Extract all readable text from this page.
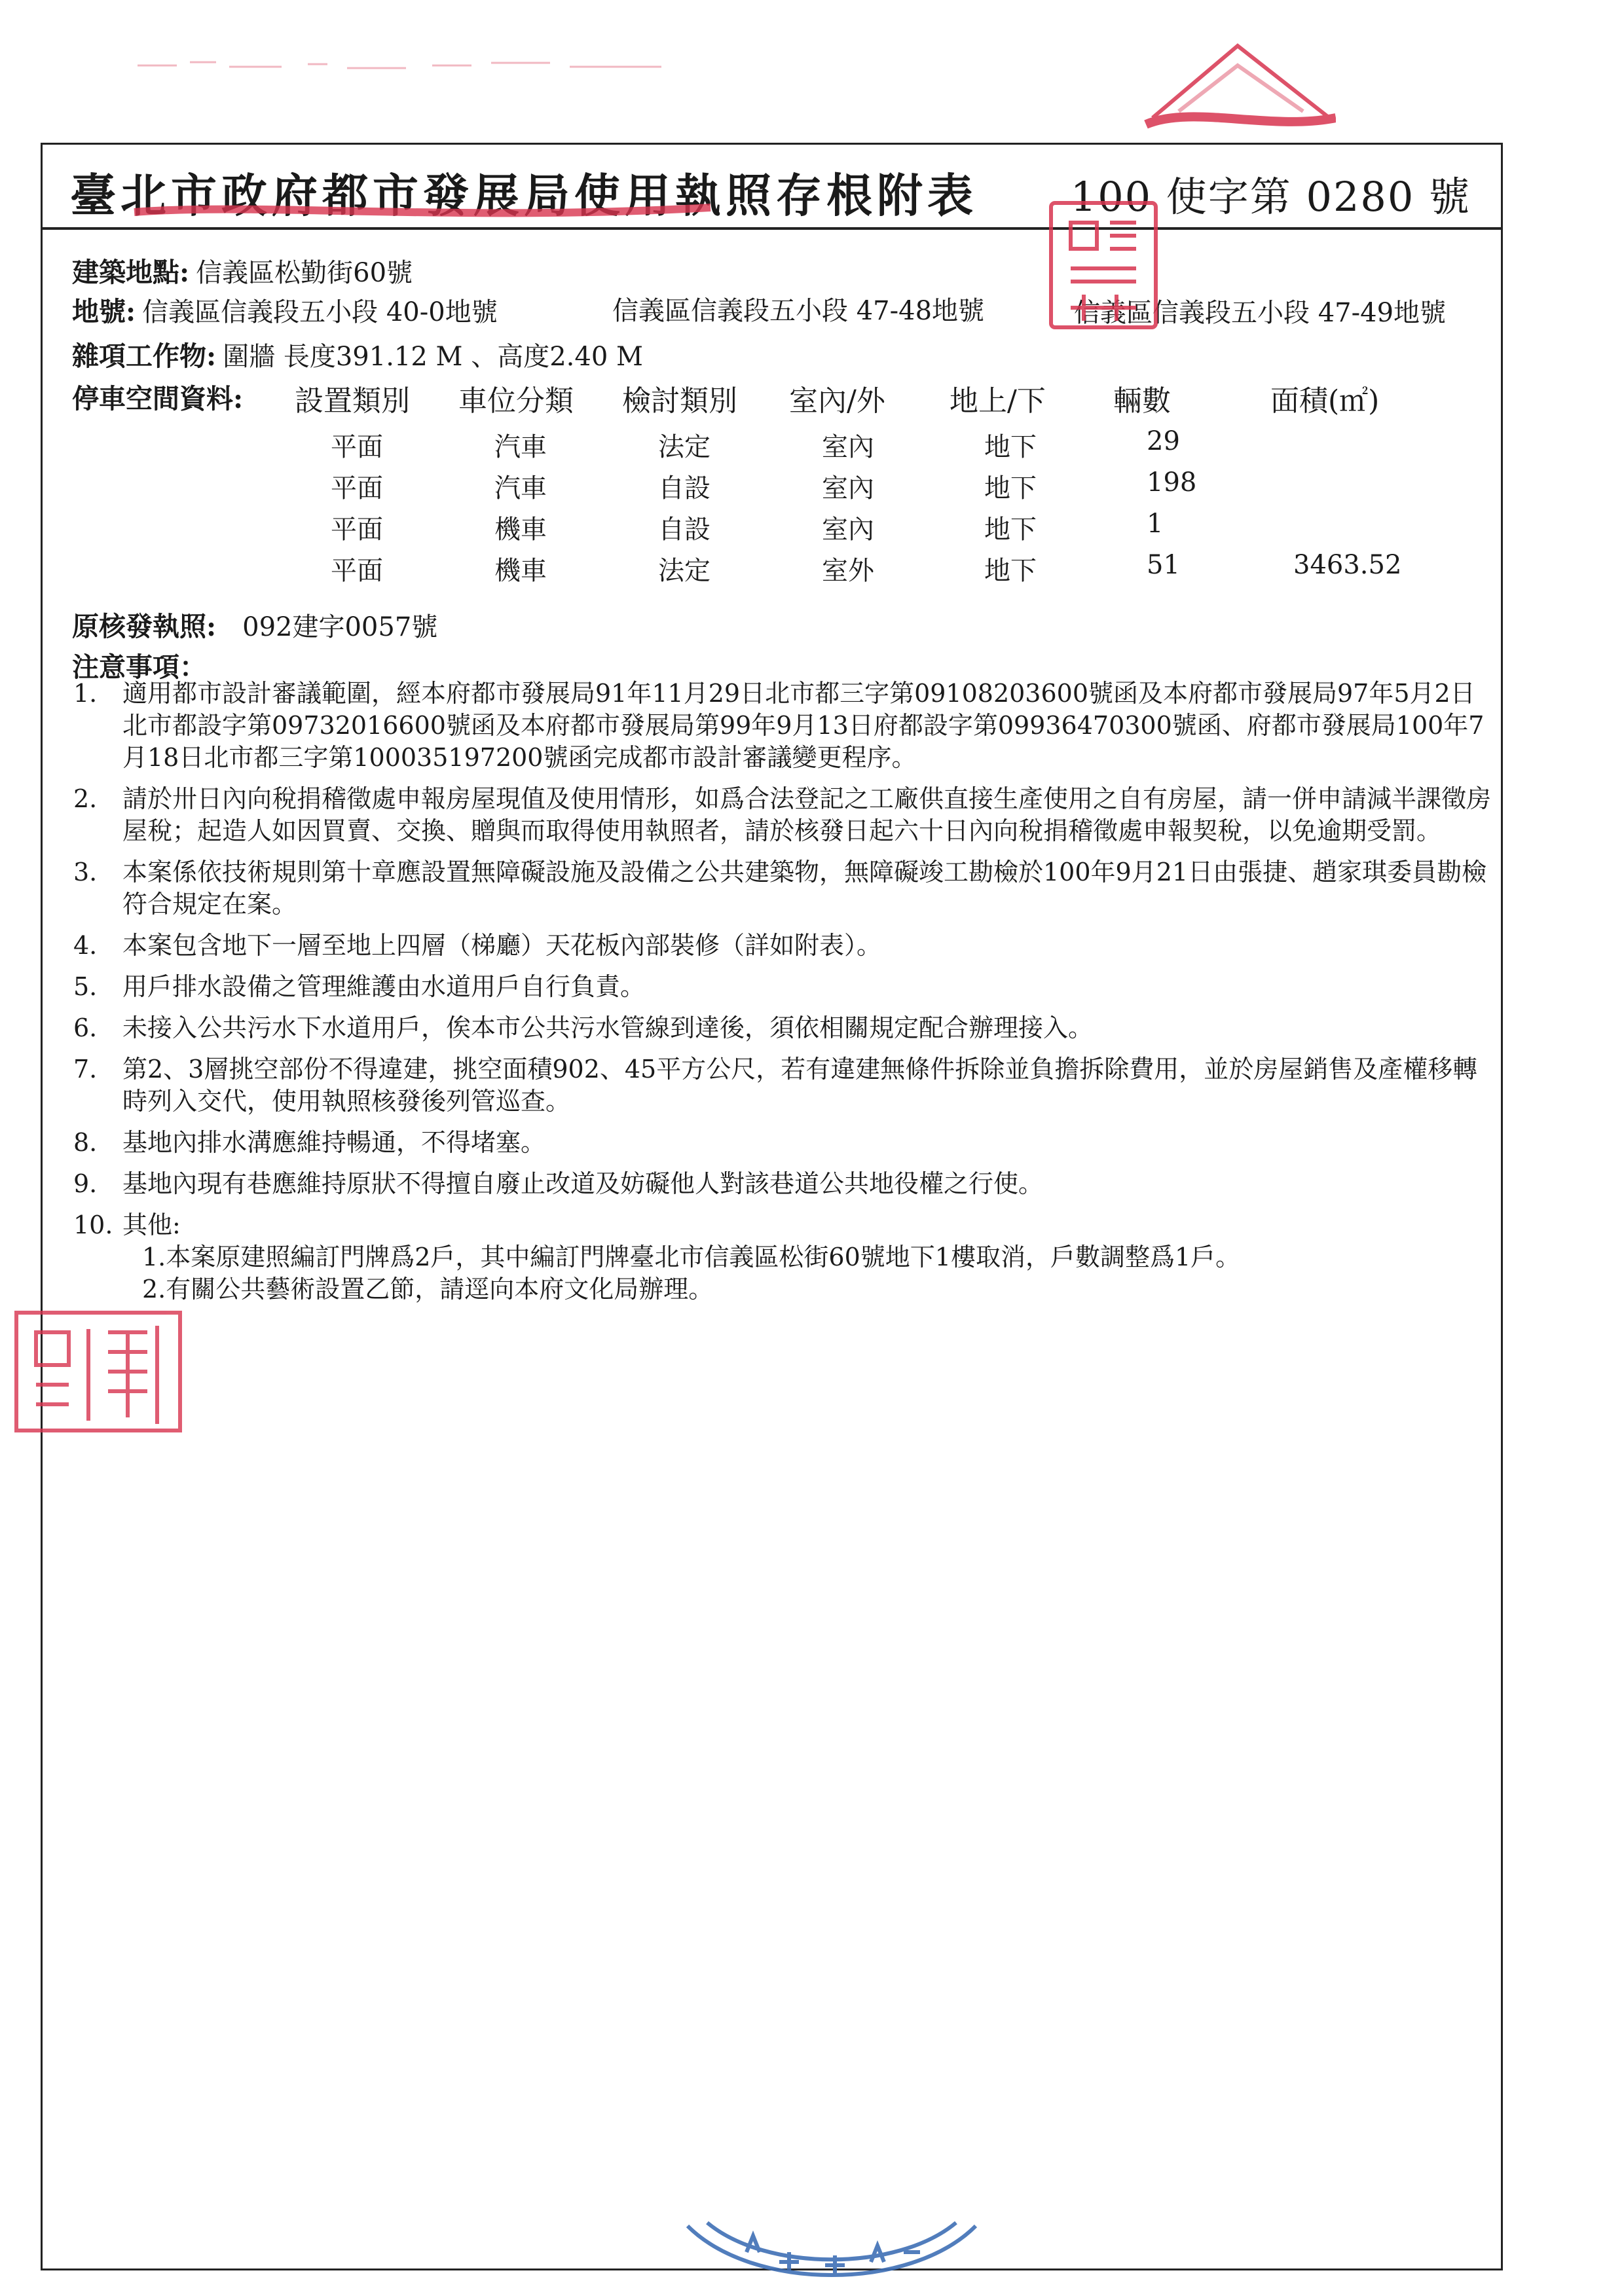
臺北市政府都市發展局使用執照存根附表 100 使字第 0280 號
建築地點: 信義區松勤街60號
地號: 信義區信義段五小段 40-0地號	信義區信義段五小段 47-48地號	信義區信義段五小段 47-49地號
雜項工作物: 圍牆 長度391.12 M 、高度2.40 M
停車空間資料: 設置類別 車位分類 檢討類別 室內/外 地上/下 輛數	面積(㎡)
平面	汽車	法定	室內	地下	29
平面	汽車	自設	室內	地下	198
平面	機車	自設	室內	地下	1
平面	機車	法定	室外	地下	51	3463.52
原核發執照: 092建字0057號
注意事項：
1. 適用都市設計審議範圍，經本府都市發展局91年11月29日北市都三字第09108203600號函及本府都市發展局97年5月2日北市都設字第09732016600號函及本府都市發展局第99年9月13日府都設字第09936470300號函、府都市發展局100年7月18日北市都三字第100035197200號函完成都市設計審議變更程序。
2. 請於卅日內向稅捐稽徵處申報房屋現值及使用情形，如爲合法登記之工廠供直接生產使用之自有房屋，請一併申請減半課徵房屋稅；起造人如因買賣、交換、贈與而取得使用執照者，請於核發日起六十日內向稅捐稽徵處申報契稅，以免逾期受罰。
3. 本案係依技術規則第十章應設置無障礙設施及設備之公共建築物，無障礙竣工勘檢於100年9月21日由張捷、趙家琪委員勘檢符合規定在案。
4. 本案包含地下一層至地上四層（梯廳）天花板內部裝修（詳如附表）。
5. 用戶排水設備之管理維護由水道用戶自行負責。
6. 未接入公共污水下水道用戶，俟本市公共污水管線到達後，須依相關規定配合辦理接入。
7. 第2、3層挑空部份不得違建，挑空面積902、45平方公尺，若有違建無條件拆除並負擔拆除費用，並於房屋銷售及產權移轉時列入交代，使用執照核發後列管巡查。
8. 基地內排水溝應維持暢通，不得堵塞。
9. 基地內現有巷應維持原狀不得擅自廢止改道及妨礙他人對該巷道公共地役權之行使。
10. 其他:
1.本案原建照編訂門牌爲2戶，其中編訂門牌臺北市信義區松街60號地下1樓取消，戶數調整爲1戶。
2.有關公共藝術設置乙節，請逕向本府文化局辦理。
